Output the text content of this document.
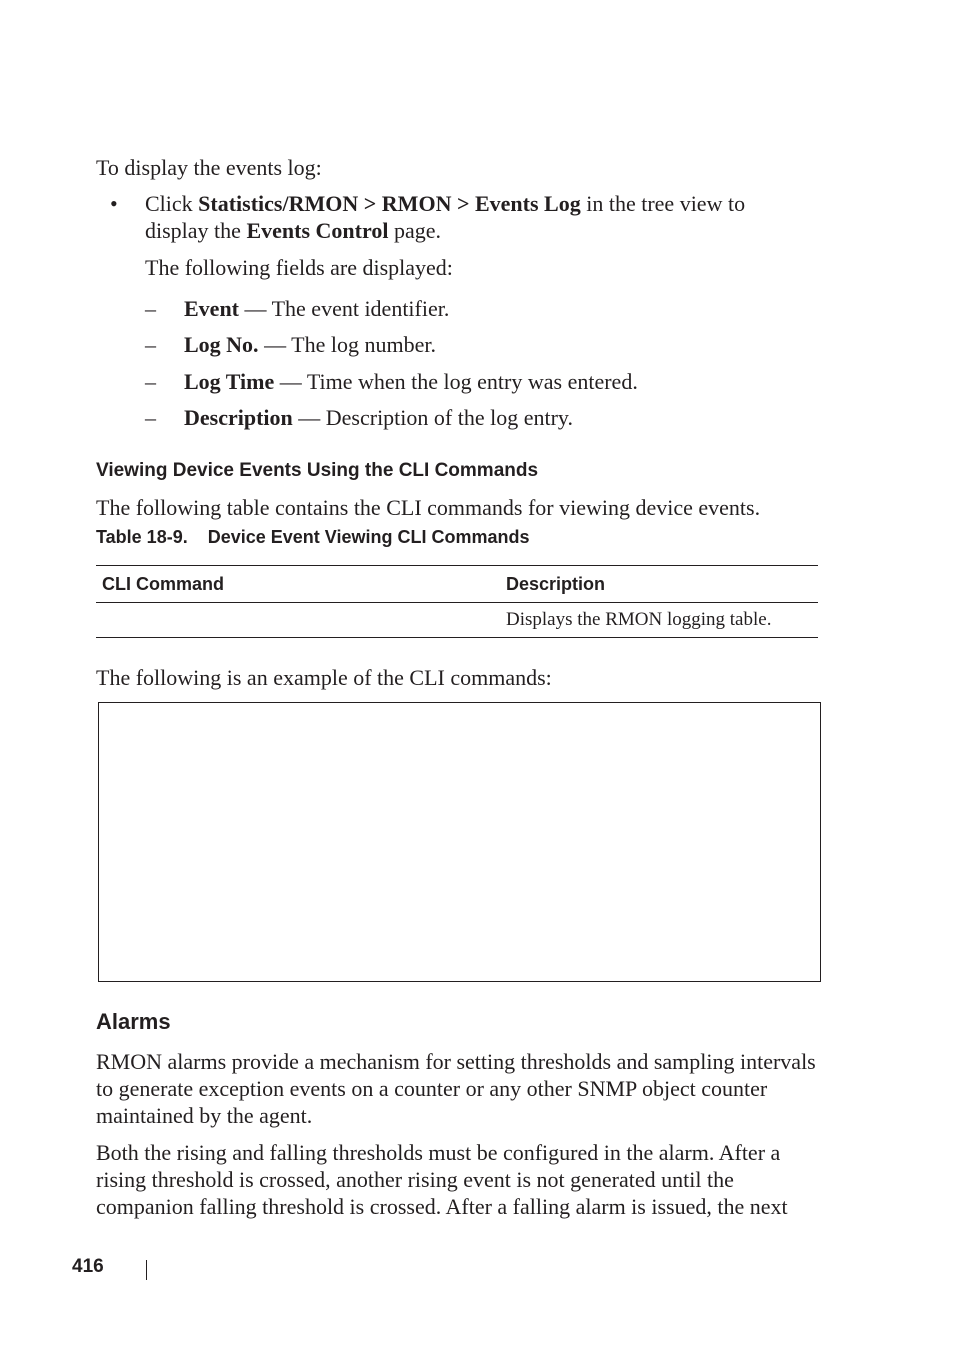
To display the events log:
• Click Statistics/RMON > RMON > Events Log in the tree view to display the Events Control page.
The following fields are displayed:
– Event — The event identifier.
– Log No. — The log number.
– Log Time — Time when the log entry was entered.
– Description — Description of the log entry.
Viewing Device Events Using the CLI Commands
The following table contains the CLI commands for viewing device events.
Table 18-9. Device Event Viewing CLI Commands
CLI Command	Description
	Displays the RMON logging table.
The following is an example of the CLI commands:
Alarms
RMON alarms provide a mechanism for setting thresholds and sampling intervals to generate exception events on a counter or any other SNMP object counter maintained by the agent.
Both the rising and falling thresholds must be configured in the alarm. After a rising threshold is crossed, another rising event is not generated until the companion falling threshold is crossed. After a falling alarm is issued, the next
416
